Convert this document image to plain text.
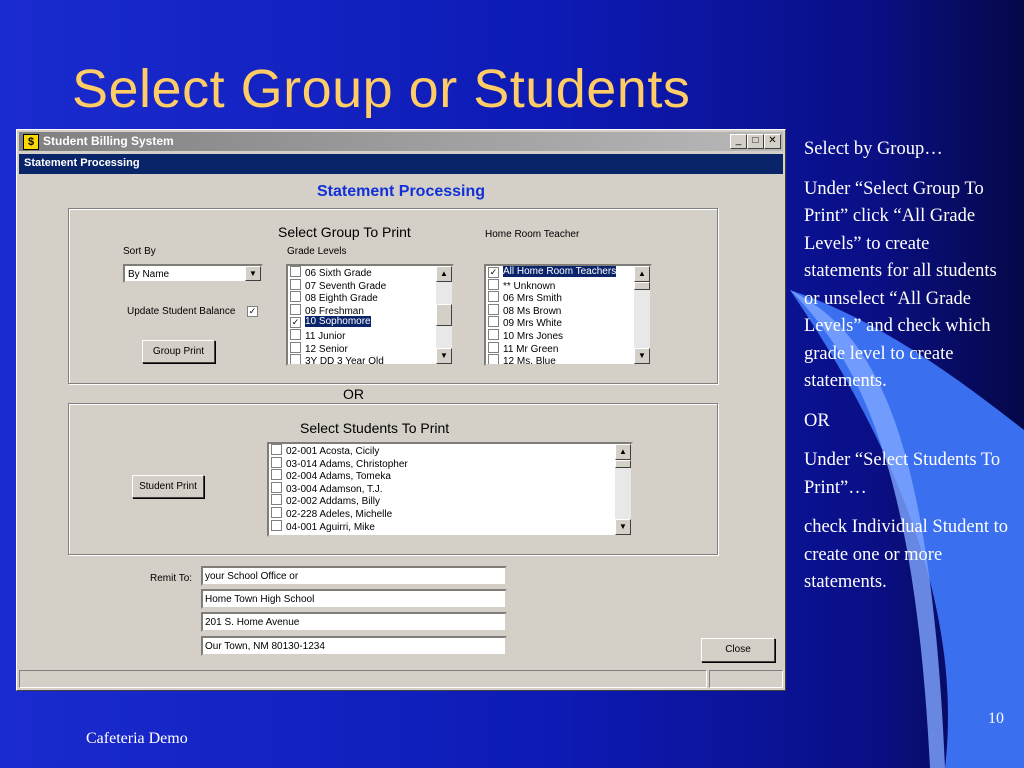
Select Group or Students
$ Student Billing System	_	□ ✕
Statement Processing
Statement Processing
Select Group To Print
Sort By
By Name	▼
Update Student Balance ✓
Group Print
Grade Levels
06 Sixth Grade
07 Seventh Grade
08 Eighth Grade
09 Freshman
✓ 10 Sophomore
11 Junior
12 Senior
3Y DD 3 Year Old
▲
▼
Home Room Teacher
✓ All Home Room Teachers
** Unknown
06 Mrs Smith
08 Ms Brown
09 Mrs White
10 Mrs Jones
11 Mr Green
12 Ms. Blue
▲
▼
OR
Select Students To Print
Student Print
02-001 Acosta, Cicily
03-014 Adams, Christopher
02-004 Adams, Tomeka
03-004 Adamson, T.J.
02-002 Addams, Billy
02-228 Adeles, Michelle
04-001 Aguirri, Mike
▲
▼
Remit To: your School Office or
Home Town High School
201 S. Home Avenue
Our Town, NM 80130-1234	Close

Select by Group…

Under “Select Group To Print” click “All Grade Levels” to create statements for all students or unselect “All Grade Levels” and check which grade level to create statements.

OR

Under “Select Students To Print”…

check Individual Student to create one or more statements.

Cafeteria Demo
10
